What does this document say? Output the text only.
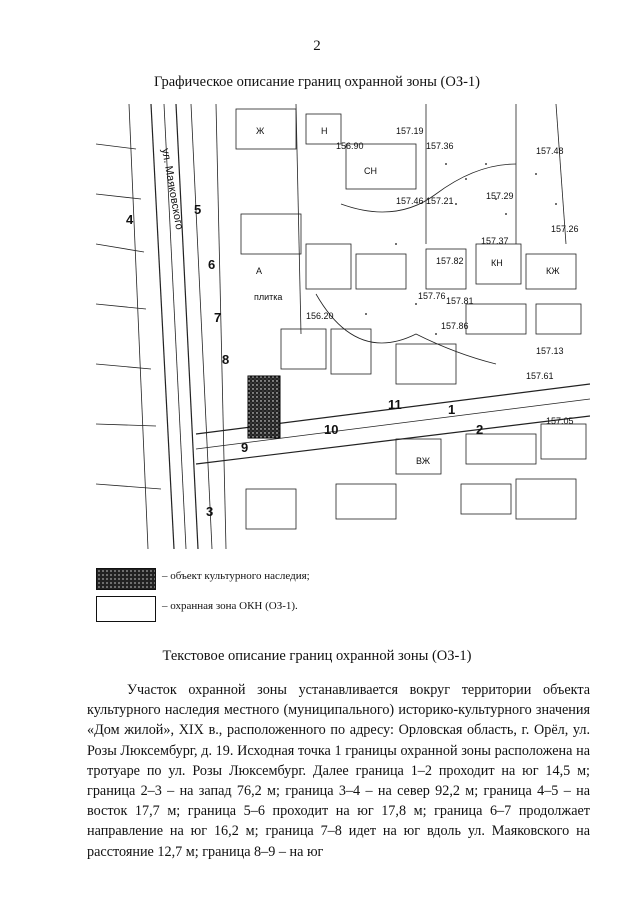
2
Графическое описание границ охранной зоны (ОЗ-1)
ул. Маяковского
1
2
3
4
5
6
7
8
9
10
11
Ж	Н
КЖ
КН
ВЖ
СН
плитка
А
157.19
157.36
157.21	157.29
157.37
157.48
157.81
157.82
157.76
156.20
156.90
157.26
157.13
157.05
157.61
157.86
157.46
– объект культурного наследия;
– охранная зона ОКН (ОЗ-1).
Текстовое описание границ охранной зоны (ОЗ-1)

Участок охранной зоны устанавливается вокруг территории объекта культурного наследия местного (муниципального) историко-культурного значения «Дом жилой», XIX в., расположенного по адресу: Орловская область, г. Орёл, ул. Розы Люксембург, д. 19. Исходная точка 1 границы охранной зоны расположена на тротуаре по ул. Розы Люксембург. Далее граница 1–2 проходит на юг 14,5 м; граница 2–3 – на запад 76,2 м; граница 3–4 – на север 92,2 м; граница 4–5 – на восток 17,7 м; граница 5–6 проходит на юг 17,8 м; граница 6–7 продолжает направление на юг 16,2 м; граница 7–8 идет на юг вдоль ул. Маяковского на расстояние 12,7 м; граница 8–9 – на юг
